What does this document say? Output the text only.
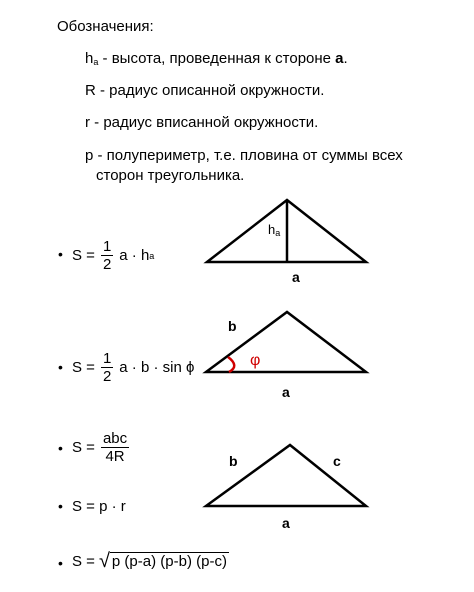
Обозначения:
$h_a$ - высота, проведенная к стороне а.
R - радиус описанной окружности.
r - радиус вписанной окружности.
p - полупериметр, т.е. пловина от суммы всех
сторон треугольника.
•
•
•
•
•
$S = \frac{1}{2}$ a · h a
$S = \frac{1}{2}$ a · b · sin ϕ
$S = \frac{\text{abc}}{4R}$
S = p · r
S = √ p (p-a) (p-b) (p-c)
$h_a$
a
b
φ
a
b	c
a
